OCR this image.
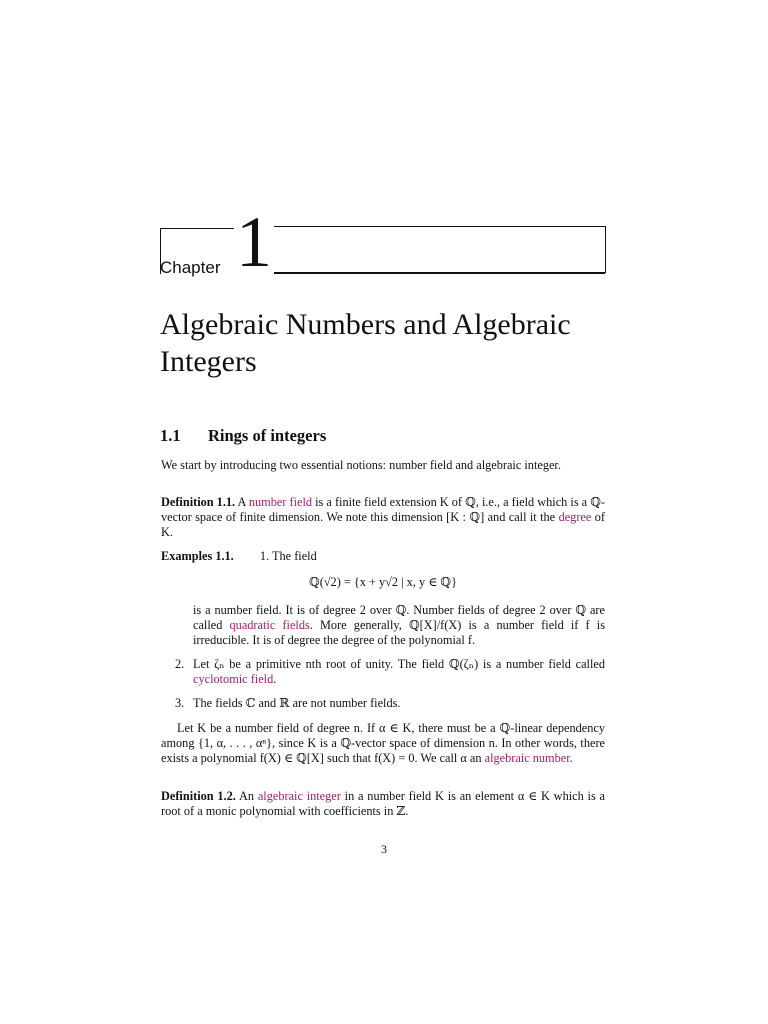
Chapter 1
Algebraic Numbers and Algebraic Integers
1.1 Rings of integers

We start by introducing two essential notions: number field and algebraic integer.

Definition 1.1. A number field is a finite field extension K of ℚ, i.e., a field which is a ℚ-vector space of finite dimension. We note this dimension [K : ℚ] and call it the degree of K.

Examples 1.1. 1. The field

ℚ(√2) = {x + y√2 | x, y ∈ ℚ}

is a number field. It is of degree 2 over ℚ. Number fields of degree 2 over ℚ are called quadratic fields. More generally, ℚ[X]/f(X) is a number field if f is irreducible. It is of degree the degree of the polynomial f.

2. Let ζₙ be a primitive nth root of unity. The field ℚ(ζₙ) is a number field called cyclotomic field.
3. The fields ℂ and ℝ are not number fields.

Let K be a number field of degree n. If α ∈ K, there must be a ℚ-linear dependency among {1, α, . . . , αⁿ}, since K is a ℚ-vector space of dimension n. In other words, there exists a polynomial f(X) ∈ ℚ[X] such that f(X) = 0. We call α an algebraic number.

Definition 1.2. An algebraic integer in a number field K is an element α ∈ K which is a root of a monic polynomial with coefficients in ℤ.

3
